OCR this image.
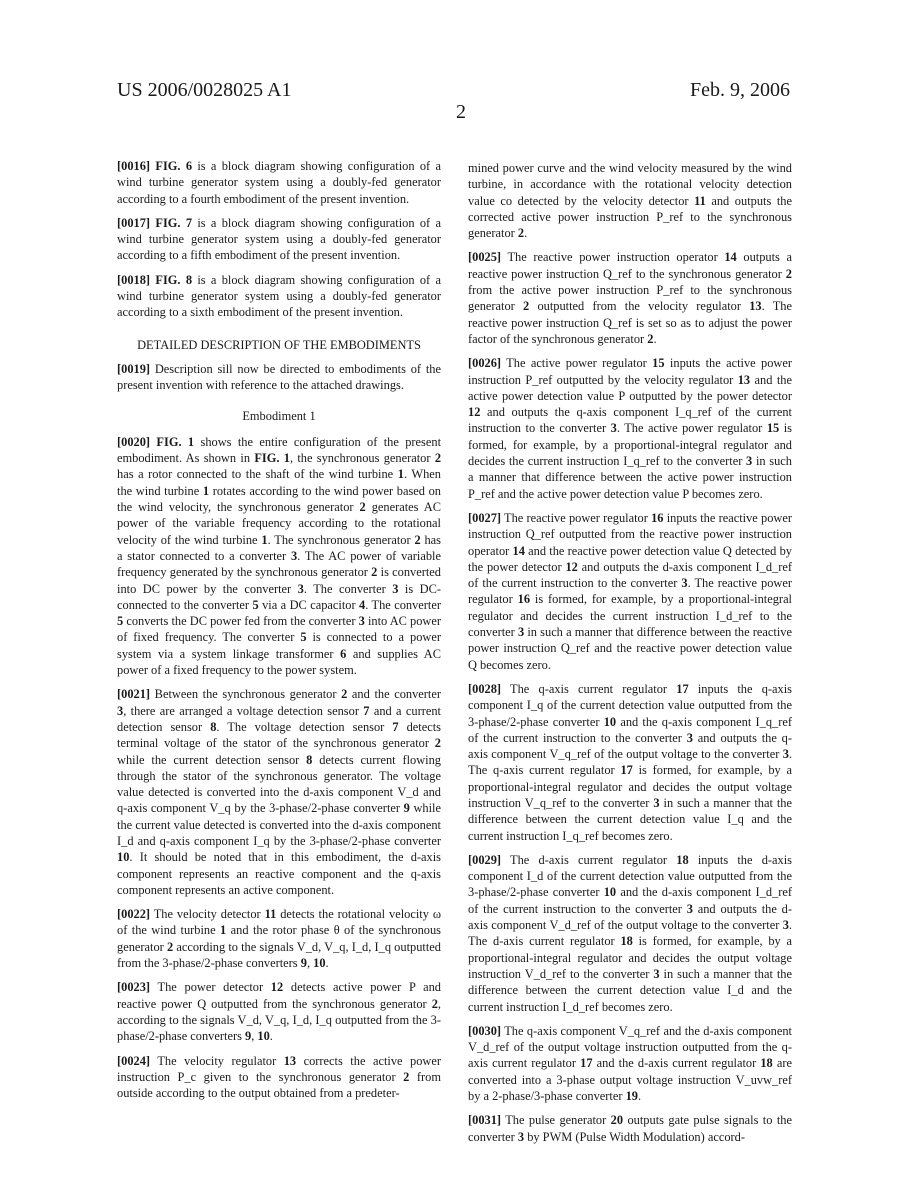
US 2006/0028025 A1	Feb. 9, 2006
2
[0016] FIG. 6 is a block diagram showing configuration of a wind turbine generator system using a doubly-fed generator according to a fourth embodiment of the present invention.
[0017] FIG. 7 is a block diagram showing configuration of a wind turbine generator system using a doubly-fed generator according to a fifth embodiment of the present invention.
[0018] FIG. 8 is a block diagram showing configuration of a wind turbine generator system using a doubly-fed generator according to a sixth embodiment of the present invention.
DETAILED DESCRIPTION OF THE EMBODIMENTS
[0019] Description sill now be directed to embodiments of the present invention with reference to the attached drawings.
Embodiment 1
[0020] FIG. 1 shows the entire configuration of the present embodiment. As shown in FIG. 1, the synchronous generator 2 has a rotor connected to the shaft of the wind turbine 1. When the wind turbine 1 rotates according to the wind power based on the wind velocity, the synchronous generator 2 generates AC power of the variable frequency according to the rotational velocity of the wind turbine 1. The synchronous generator 2 has a stator connected to a converter 3. The AC power of variable frequency generated by the synchronous generator 2 is converted into DC power by the converter 3. The converter 3 is DC-connected to the converter 5 via a DC capacitor 4. The converter 5 converts the DC power fed from the converter 3 into AC power of fixed frequency. The converter 5 is connected to a power system via a system linkage transformer 6 and supplies AC power of a fixed frequency to the power system.
[0021] Between the synchronous generator 2 and the converter 3, there are arranged a voltage detection sensor 7 and a current detection sensor 8. The voltage detection sensor 7 detects terminal voltage of the stator of the synchronous generator 2 while the current detection sensor 8 detects current flowing through the stator of the synchronous generator. The voltage value detected is converted into the d-axis component V_d and q-axis component V_q by the 3-phase/2-phase converter 9 while the current value detected is converted into the d-axis component I_d and q-axis component I_q by the 3-phase/2-phase converter 10. It should be noted that in this embodiment, the d-axis component represents an reactive component and the q-axis component represents an active component.
[0022] The velocity detector 11 detects the rotational velocity ω of the wind turbine 1 and the rotor phase θ of the synchronous generator 2 according to the signals V_d, V_q, I_d, I_q outputted from the 3-phase/2-phase converters 9, 10.
[0023] The power detector 12 detects active power P and reactive power Q outputted from the synchronous generator 2, according to the signals V_d, V_q, I_d, I_q outputted from the 3-phase/2-phase converters 9, 10.
[0024] The velocity regulator 13 corrects the active power instruction P_c given to the synchronous generator 2 from outside according to the output obtained from a predeter-
mined power curve and the wind velocity measured by the wind turbine, in accordance with the rotational velocity detection value co detected by the velocity detector 11 and outputs the corrected active power instruction P_ref to the synchronous generator 2.
[0025] The reactive power instruction operator 14 outputs a reactive power instruction Q_ref to the synchronous generator 2 from the active power instruction P_ref to the synchronous generator 2 outputted from the velocity regulator 13. The reactive power instruction Q_ref is set so as to adjust the power factor of the synchronous generator 2.
[0026] The active power regulator 15 inputs the active power instruction P_ref outputted by the velocity regulator 13 and the active power detection value P outputted by the power detector 12 and outputs the q-axis component I_q_ref of the current instruction to the converter 3. The active power regulator 15 is formed, for example, by a proportional-integral regulator and decides the current instruction I_q_ref to the converter 3 in such a manner that difference between the active power instruction P_ref and the active power detection value P becomes zero.
[0027] The reactive power regulator 16 inputs the reactive power instruction Q_ref outputted from the reactive power instruction operator 14 and the reactive power detection value Q detected by the power detector 12 and outputs the d-axis component I_d_ref of the current instruction to the converter 3. The reactive power regulator 16 is formed, for example, by a proportional-integral regulator and decides the current instruction I_d_ref to the converter 3 in such a manner that difference between the reactive power instruction Q_ref and the reactive power detection value Q becomes zero.
[0028] The q-axis current regulator 17 inputs the q-axis component I_q of the current detection value outputted from the 3-phase/2-phase converter 10 and the q-axis component I_q_ref of the current instruction to the converter 3 and outputs the q-axis component V_q_ref of the output voltage to the converter 3. The q-axis current regulator 17 is formed, for example, by a proportional-integral regulator and decides the output voltage instruction V_q_ref to the converter 3 in such a manner that the difference between the current detection value I_q and the current instruction I_q_ref becomes zero.
[0029] The d-axis current regulator 18 inputs the d-axis component I_d of the current detection value outputted from the 3-phase/2-phase converter 10 and the d-axis component I_d_ref of the current instruction to the converter 3 and outputs the d-axis component V_d_ref of the output voltage to the converter 3. The d-axis current regulator 18 is formed, for example, by a proportional-integral regulator and decides the output voltage instruction V_d_ref to the converter 3 in such a manner that the difference between the current detection value I_d and the current instruction I_d_ref becomes zero.
[0030] The q-axis component V_q_ref and the d-axis component V_d_ref of the output voltage instruction outputted from the q-axis current regulator 17 and the d-axis current regulator 18 are converted into a 3-phase output voltage instruction V_uvw_ref by a 2-phase/3-phase converter 19.
[0031] The pulse generator 20 outputs gate pulse signals to the converter 3 by PWM (Pulse Width Modulation) accord-
